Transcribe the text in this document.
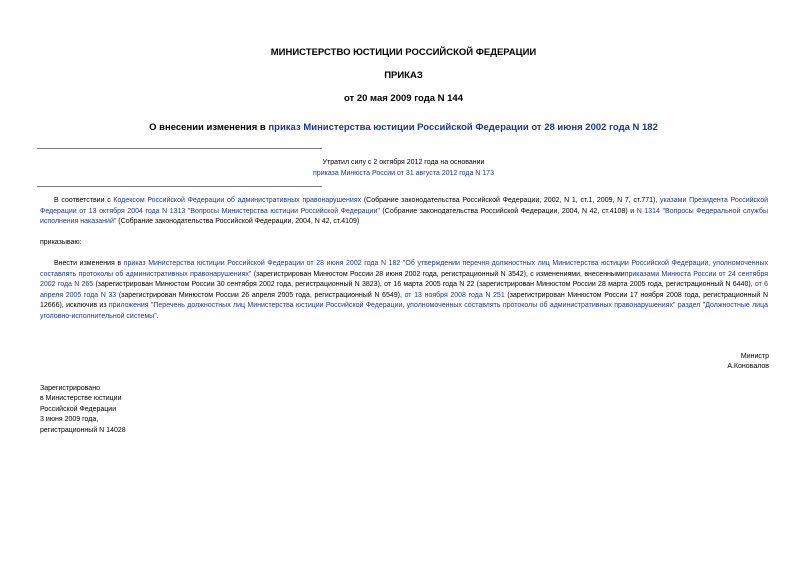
МИНИСТЕРСТВО ЮСТИЦИИ РОССИЙСКОЙ ФЕДЕРАЦИИ
ПРИКАЗ
от 20 мая 2009 года N 144
О внесении изменения в приказ Министерства юстиции Российской Федерации от 28 июня 2002 года N 182
Утратил силу с 2 октября 2012 года на основании
приказа Минюста России от 31 августа 2012 года N 173
В соответствии с Кодексом Российской Федерации об административных правонарушениях (Собрание законодательства Российской Федерации, 2002, N 1, ст.1, 2009, N 7, ст.771), указами Президента Российской Федерации от 13 октября 2004 года N 1313 "Вопросы Министерства юстиции Российской Федерации" (Собрание законодательства Российской Федерации, 2004, N 42, ст.4108) и N 1314 "Вопросы Федеральной службы исполнения наказаний" (Собрание законодательства Российской Федерации, 2004, N 42, ст.4109)
приказываю:
Внести изменения в приказ Министерства юстиции Российской Федерации от 28 июня 2002 года N 182 "Об утверждении перечня должностных лиц Министерства юстиции Российской Федерации, уполномоченных составлять протоколы об административных правонарушениях" (зарегистрирован Минюстом России 28 июня 2002 года, регистрационный N 3542), с изменениями, внесеннымиприказами Минюста России от 24 сентября 2002 года N 265 (зарегистрирован Минюстом России 30 сентября 2002 года, регистрационный N 3823), от 16 марта 2005 года N 22 (зарегистрирован Минюстом России 28 марта 2005 года, регистрационный N 6440), от 6 апреля 2005 года N 33 (зарегистрирован Минюстом России 26 апреля 2005 года, регистрационный N 6549), от 13 ноября 2008 года N 251 (зарегистрирован Минюстом России 17 ноября 2008 года, регистрационный N 12666), исключив из приложения "Перечень должностных лиц Министерства юстиции Российской Федерации, уполномоченных составлять протоколы об административных правонарушениях" раздел "Должностные лица уголовно-исполнительной системы".
Министр
А.Коновалов
Зарегистрировано
в Министерстве юстиции
Российской Федерации
3 июня 2009 года,
регистрационный N 14028
